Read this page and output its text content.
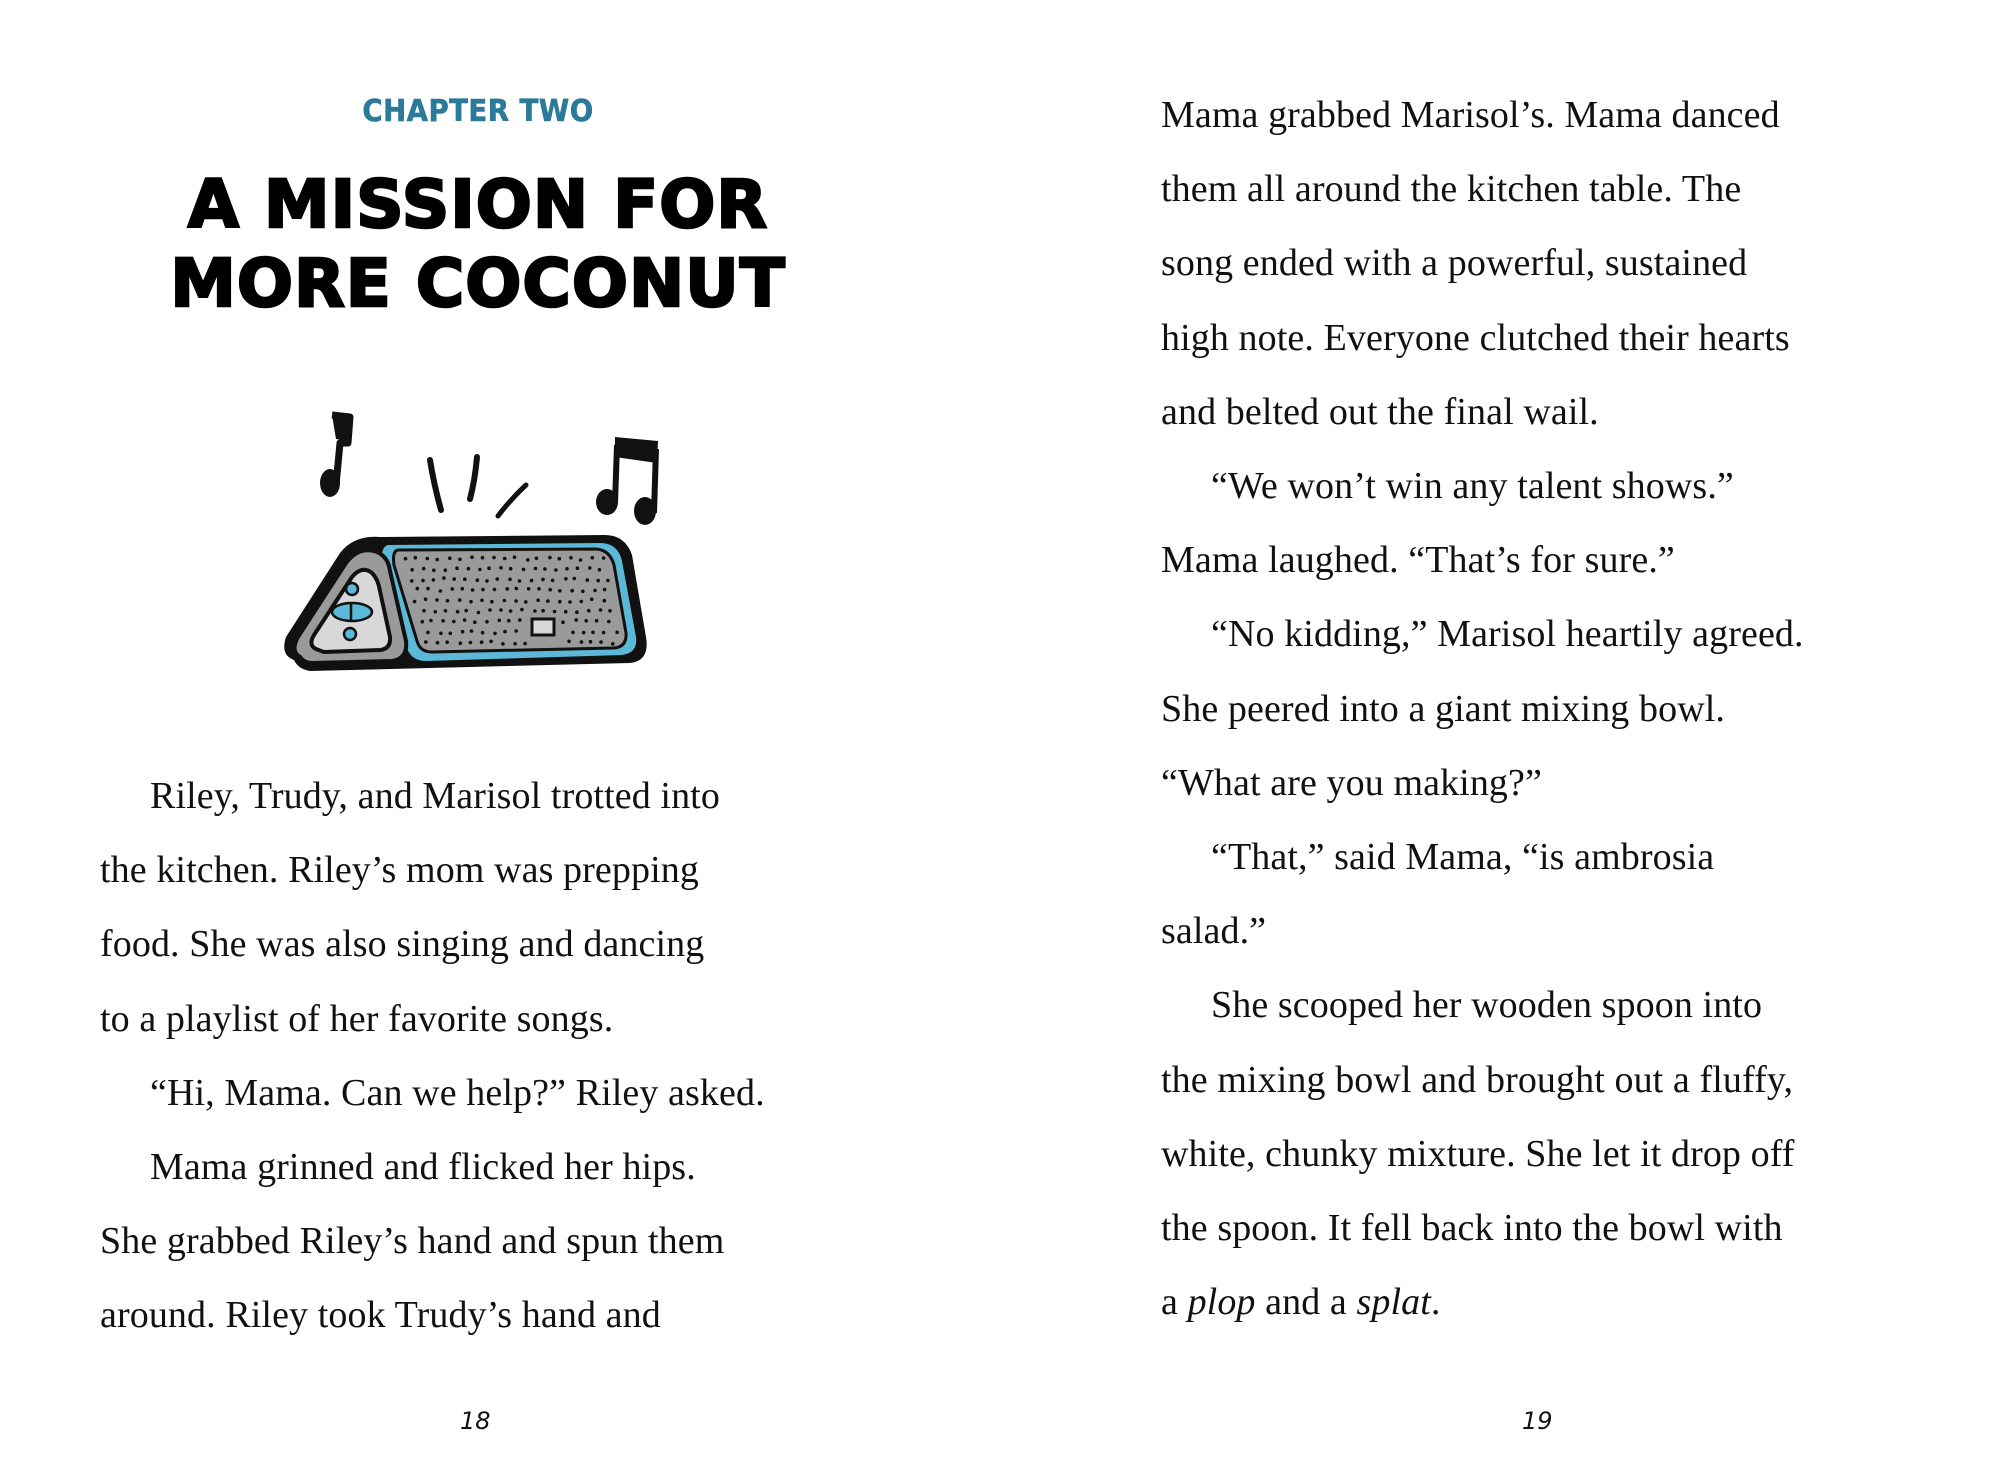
CHAPTER TWO
A MISSION FOR
MORE COCONUT
Riley, Trudy, and Marisol trotted into
the kitchen. Riley’s mom was prepping
food. She was also singing and dancing
to a playlist of her favorite songs.
“Hi, Mama. Can we help?” Riley asked.
Mama grinned and flicked her hips.
She grabbed Riley’s hand and spun them
around. Riley took Trudy’s hand and
18
Mama grabbed Marisol’s. Mama danced
them all around the kitchen table. The
song ended with a powerful, sustained
high note. Everyone clutched their hearts
and belted out the final wail.
“We won’t win any talent shows.”
Mama laughed. “That’s for sure.”
“No kidding,” Marisol heartily agreed.
She peered into a giant mixing bowl.
“What are you making?”
“That,” said Mama, “is ambrosia
salad.”
She scooped her wooden spoon into
the mixing bowl and brought out a fluffy,
white, chunky mixture. She let it drop off
the spoon. It fell back into the bowl with
a plop and a splat.
19
